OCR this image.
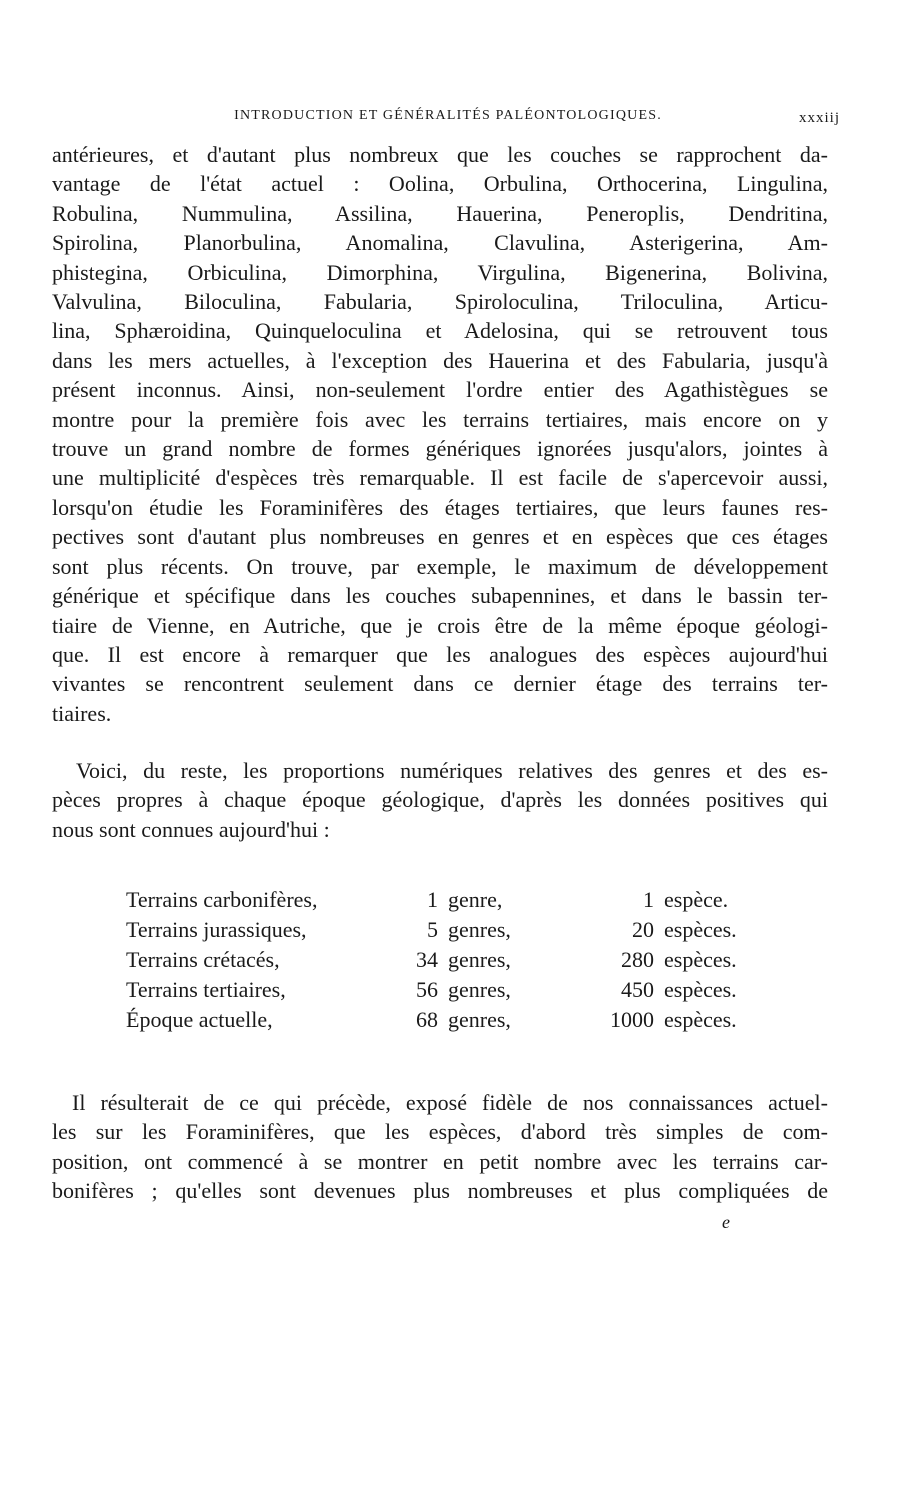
INTRODUCTION ET GÉNÉRALITÉS PALÉONTOLOGIQUES.	xxxiij
antérieures, et d'autant plus nombreux que les couches se rapprochent da-
vantage de l'état actuel : Oolina, Orbulina, Orthocerina, Lingulina,
Robulina, Nummulina, Assilina, Hauerina, Peneroplis, Dendritina,
Spirolina, Planorbulina, Anomalina, Clavulina, Asterigerina, Am-
phistegina, Orbiculina, Dimorphina, Virgulina, Bigenerina, Bolivina,
Valvulina, Biloculina, Fabularia, Spiroloculina, Triloculina, Articu-
lina, Sphæroidina, Quinqueloculina et Adelosina, qui se retrouvent tous
dans les mers actuelles, à l'exception des Hauerina et des Fabularia, jusqu'à
présent inconnus. Ainsi, non-seulement l'ordre entier des Agathistègues se
montre pour la première fois avec les terrains tertiaires, mais encore on y
trouve un grand nombre de formes génériques ignorées jusqu'alors, jointes à
une multiplicité d'espèces très remarquable. Il est facile de s'apercevoir aussi,
lorsqu'on étudie les Foraminifères des étages tertiaires, que leurs faunes res-
pectives sont d'autant plus nombreuses en genres et en espèces que ces étages
sont plus récents. On trouve, par exemple, le maximum de développement
générique et spécifique dans les couches subapennines, et dans le bassin ter-
tiaire de Vienne, en Autriche, que je crois être de la même époque géologi-
que. Il est encore à remarquer que les analogues des espèces aujourd'hui
vivantes se rencontrent seulement dans ce dernier étage des terrains ter-
tiaires.
Voici, du reste, les proportions numériques relatives des genres et des es-
pèces propres à chaque époque géologique, d'après les données positives qui
nous sont connues aujourd'hui :
Terrains carbonifères,	1 genre,	1 espèce.
Terrains jurassiques,	5 genres,	20 espèces.
Terrains crétacés,	34 genres,	280 espèces.
Terrains tertiaires,	56 genres,	450 espèces.
Époque actuelle,	68 genres,	1000 espèces.
Il résulterait de ce qui précède, exposé fidèle de nos connaissances actuel-
les sur les Foraminifères, que les espèces, d'abord très simples de com-
position, ont commencé à se montrer en petit nombre avec les terrains car-
bonifères ; qu'elles sont devenues plus nombreuses et plus compliquées de
e
